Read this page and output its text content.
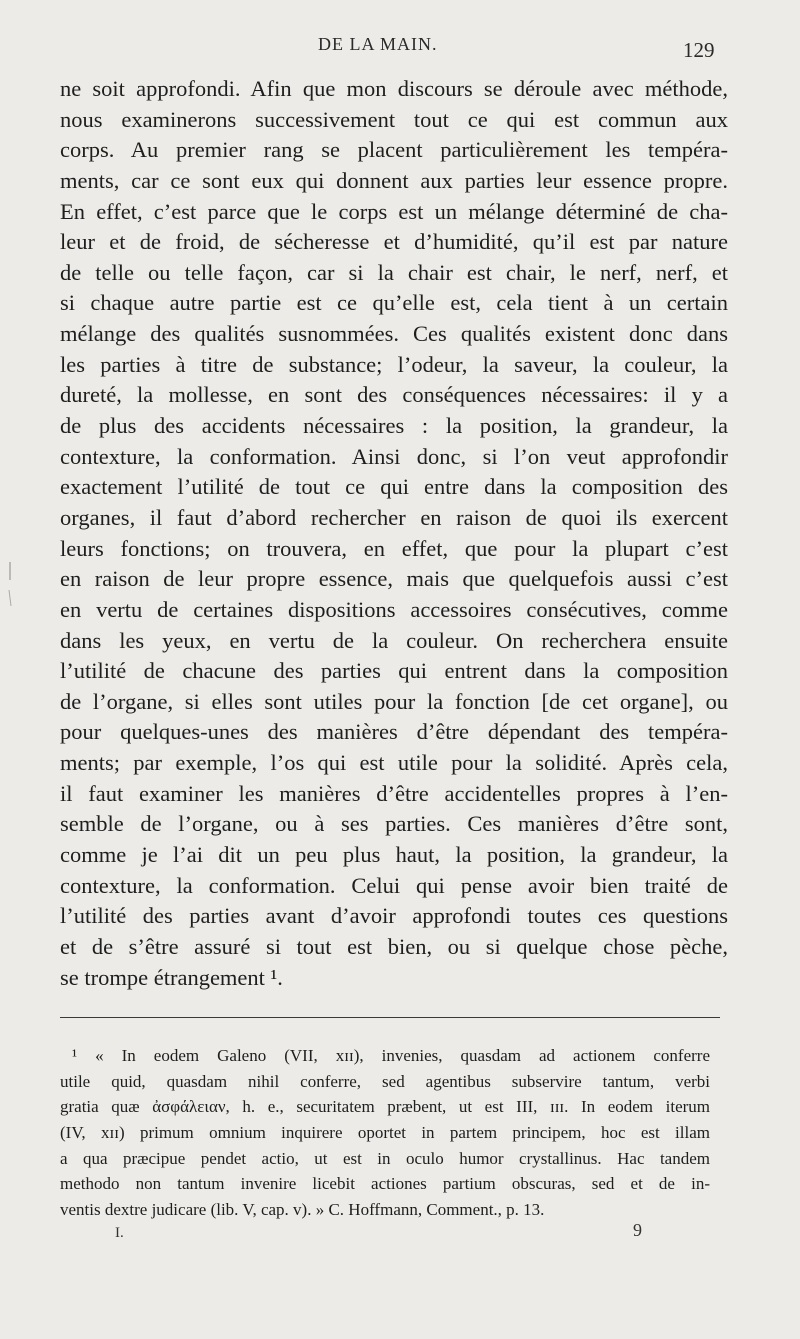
DE LA MAIN.	129
ne soit approfondi. Afin que mon discours se déroule avec méthode,
nous examinerons successivement tout ce qui est commun aux
corps. Au premier rang se placent particulièrement les tempéra-
ments, car ce sont eux qui donnent aux parties leur essence propre.
En effet, c’est parce que le corps est un mélange déterminé de cha-
leur et de froid, de sécheresse et d’humidité, qu’il est par nature
de telle ou telle façon, car si la chair est chair, le nerf, nerf, et
si chaque autre partie est ce qu’elle est, cela tient à un certain
mélange des qualités susnommées. Ces qualités existent donc dans
les parties à titre de substance; l’odeur, la saveur, la couleur, la
dureté, la mollesse, en sont des conséquences nécessaires: il y a
de plus des accidents nécessaires : la position, la grandeur, la
contexture, la conformation. Ainsi donc, si l’on veut approfondir
exactement l’utilité de tout ce qui entre dans la composition des
organes, il faut d’abord rechercher en raison de quoi ils exercent
leurs fonctions; on trouvera, en effet, que pour la plupart c’est
en raison de leur propre essence, mais que quelquefois aussi c’est
en vertu de certaines dispositions accessoires consécutives, comme
dans les yeux, en vertu de la couleur. On recherchera ensuite
l’utilité de chacune des parties qui entrent dans la composition
de l’organe, si elles sont utiles pour la fonction [de cet organe], ou
pour quelques-unes des manières d’être dépendant des tempéra-
ments; par exemple, l’os qui est utile pour la solidité. Après cela,
il faut examiner les manières d’être accidentelles propres à l’en-
semble de l’organe, ou à ses parties. Ces manières d’être sont,
comme je l’ai dit un peu plus haut, la position, la grandeur, la
contexture, la conformation. Celui qui pense avoir bien traité de
l’utilité des parties avant d’avoir approfondi toutes ces questions
et de s’être assuré si tout est bien, ou si quelque chose pèche,
se trompe étrangement ¹.
¹ « In eodem Galeno (VII, xɪɪ), invenies, quasdam ad actionem conferre
utile quid, quasdam nihil conferre, sed agentibus subservire tantum, verbi
gratia quæ ἀσφάλειαν, h. e., securitatem præbent, ut est III, ɪɪɪ. In eodem iterum
(IV, xɪɪ) primum omnium inquirere oportet in partem principem, hoc est illam
a qua præcipue pendet actio, ut est in oculo humor crystallinus. Hac tandem
methodo non tantum invenire licebit actiones partium obscuras, sed et de in-
ventis dextre judicare (lib. V, cap. v). » C. Hoffmann, Comment., p. 13.
I.	9
